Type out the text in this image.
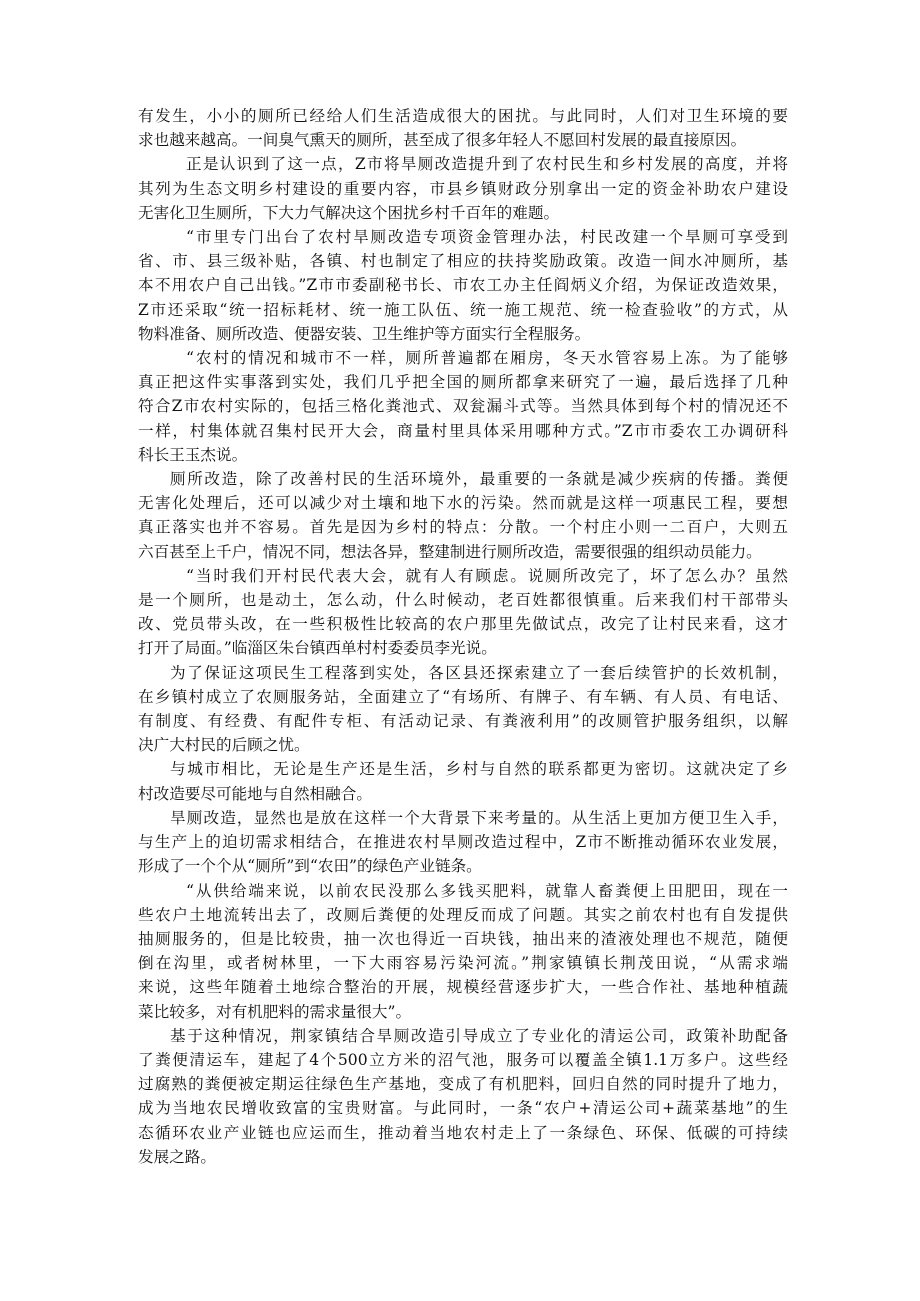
有发生，小小的厕所已经给人们生活造成很大的困扰。与此同时，人们对卫生环境的要
求也越来越高。一间臭气熏天的厕所，甚至成了很多年轻人不愿回村发展的最直接原因。
正是认识到了这一点，Z市将旱厕改造提升到了农村民生和乡村发展的高度，并将
其列为生态文明乡村建设的重要内容，市县乡镇财政分别拿出一定的资金补助农户建设
无害化卫生厕所，下大力气解决这个困扰乡村千百年的难题。
“市里专门出台了农村旱厕改造专项资金管理办法，村民改建一个旱厕可享受到
省、市、县三级补贴，各镇、村也制定了相应的扶持奖励政策。改造一间水冲厕所，基
本不用农户自己出钱。”Z市市委副秘书长、市农工办主任阎炳义介绍，为保证改造效果，
Z市还采取“统一招标耗材、统一施工队伍、统一施工规范、统一检查验收”的方式，从
物料准备、厕所改造、便器安装、卫生维护等方面实行全程服务。
“农村的情况和城市不一样，厕所普遍都在厢房，冬天水管容易上冻。为了能够
真正把这件实事落到实处，我们几乎把全国的厕所都拿来研究了一遍，最后选择了几种
符合Z市农村实际的，包括三格化粪池式、双瓮漏斗式等。当然具体到每个村的情况还不
一样，村集体就召集村民开大会，商量村里具体采用哪种方式。”Z市市委农工办调研科
科长王玉杰说。
厕所改造，除了改善村民的生活环境外，最重要的一条就是减少疾病的传播。粪便
无害化处理后，还可以减少对土壤和地下水的污染。然而就是这样一项惠民工程，要想
真正落实也并不容易。首先是因为乡村的特点：分散。一个村庄小则一二百户，大则五
六百甚至上千户，情况不同，想法各异，整建制进行厕所改造，需要很强的组织动员能力。
“当时我们开村民代表大会，就有人有顾虑。说厕所改完了，坏了怎么办？虽然
是一个厕所，也是动土，怎么动，什么时候动，老百姓都很慎重。后来我们村干部带头
改、党员带头改，在一些积极性比较高的农户那里先做试点，改完了让村民来看，这才
打开了局面。”临淄区朱台镇西单村村委委员李光说。
为了保证这项民生工程落到实处，各区县还探索建立了一套后续管护的长效机制，
在乡镇村成立了农厕服务站，全面建立了“有场所、有牌子、有车辆、有人员、有电话、
有制度、有经费、有配件专柜、有活动记录、有粪液利用”的改厕管护服务组织，以解
决广大村民的后顾之忧。
与城市相比，无论是生产还是生活，乡村与自然的联系都更为密切。这就决定了乡
村改造要尽可能地与自然相融合。
旱厕改造，显然也是放在这样一个大背景下来考量的。从生活上更加方便卫生入手，
与生产上的迫切需求相结合，在推进农村旱厕改造过程中，Z市不断推动循环农业发展，
形成了一个个从“厕所”到“农田”的绿色产业链条。
“从供给端来说，以前农民没那么多钱买肥料，就靠人畜粪便上田肥田，现在一
些农户土地流转出去了，改厕后粪便的处理反而成了问题。其实之前农村也有自发提供
抽厕服务的，但是比较贵，抽一次也得近一百块钱，抽出来的渣液处理也不规范，随便
倒在沟里，或者树林里，一下大雨容易污染河流。”荆家镇镇长荆茂田说，“从需求端
来说，这些年随着土地综合整治的开展，规模经营逐步扩大，一些合作社、基地种植蔬
菜比较多，对有机肥料的需求量很大”。
基于这种情况，荆家镇结合旱厕改造引导成立了专业化的清运公司，政策补助配备
了粪便清运车，建起了4个500立方米的沼气池，服务可以覆盖全镇1.1万多户。这些经
过腐熟的粪便被定期运往绿色生产基地，变成了有机肥料，回归自然的同时提升了地力，
成为当地农民增收致富的宝贵财富。与此同时，一条“农户+清运公司+蔬菜基地”的生
态循环农业产业链也应运而生，推动着当地农村走上了一条绿色、环保、低碳的可持续
发展之路。
